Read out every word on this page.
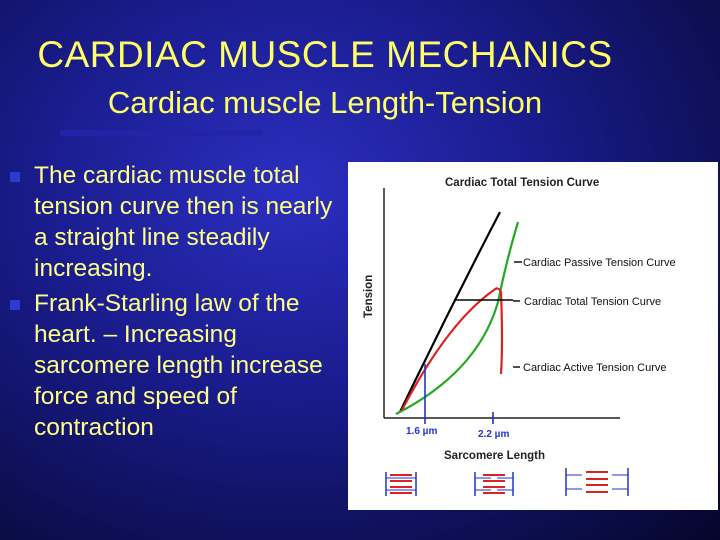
CARDIAC MUSCLE MECHANICS
Cardiac muscle Length-Tension
The cardiac muscle total tension curve then is nearly a straight line steadily increasing.
Frank-Starling law of the heart. – Increasing sarcomere length increase force and speed of contraction
Cardiac Total Tension Curve
Tension
1.6 µm	2.2 µm
Cardiac Passive Tension Curve
Cardiac Total Tension Curve
Cardiac Active Tension Curve
Sarcomere Length
